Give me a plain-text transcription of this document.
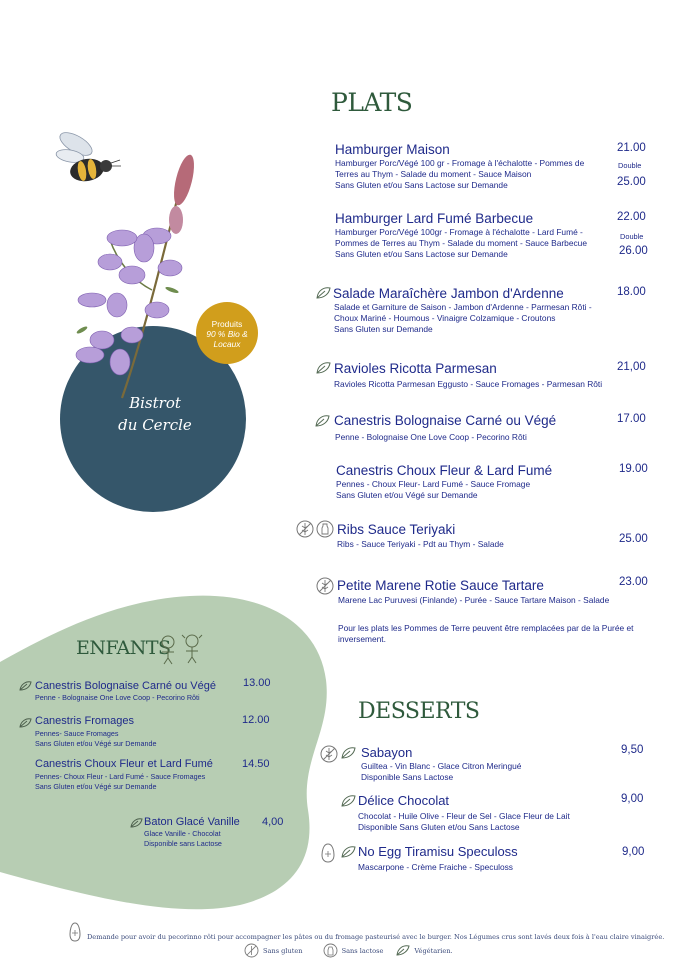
Bistrot
du Cercle
Produits
90 % Bio &
Locaux
PLATS
Hamburger Maison
Hamburger Porc/Végé 100 gr - Fromage à l'échalotte - Pommes de
Terres au Thym - Salade du moment - Sauce Maison
Sans Gluten et/ou Sans Lactose sur Demande
21.00
Double
25.00
Hamburger Lard Fumé Barbecue
Hamburger Porc/Végé 100gr - Fromage à l'échalotte - Lard Fumé -
Pommes de Terres au Thym - Salade du moment - Sauce Barbecue
Sans Gluten et/ou Sans Lactose sur Demande
22.00
Double
26.00
Salade Maraîchère Jambon d'Ardenne
Salade et Garniture de Saison - Jambon d'Ardenne - Parmesan Rôti -
Choux Mariné - Houmous - Vinaigre Colzamique - Croutons
Sans Gluten sur Demande
18.00
Ravioles Ricotta Parmesan
Ravioles Ricotta Parmesan Eggusto - Sauce Fromages - Parmesan Rôti
21,00
Canestris Bolognaise Carné ou Végé
Penne - Bolognaise One Love Coop - Pecorino Rôti
17.00
Canestris Choux Fleur & Lard Fumé
Pennes - Choux Fleur- Lard Fumé - Sauce Fromage
Sans Gluten et/ou Végé sur Demande
19.00
Ribs Sauce Teriyaki
Ribs - Sauce Teriyaki - Pdt au Thym - Salade	25.00
Petite Marene Rotie Sauce Tartare
Marene Lac Puruvesi (Finlande) - Purée - Sauce Tartare Maison - Salade
23.00
Pour les plats les Pommes de Terre peuvent être remplacées par de la Purée et
inversement.
ENFANTS
Canestris Bolognaise Carné ou Végé
Penne - Bolognaise One Love Coop - Pecorino Rôti
13.00
Canestris Fromages
Pennes- Sauce Fromages
Sans Gluten et/ou Végé sur Demande
12.00
Canestris Choux Fleur et Lard Fumé
Pennes- Choux Fleur - Lard Fumé - Sauce Fromages
Sans Gluten et/ou Végé sur Demande
14.50
Baton Glacé Vanille
Glace Vanille - Chocolat
Disponible sans Lactose
4,00
DESSERTS
Sabayon
Guiltea - Vin Blanc - Glace Citron Meringué
Disponible Sans Lactose
9,50
Délice Chocolat
Chocolat - Huile Olive - Fleur de Sel - Glace Fleur de Lait
Disponible Sans Gluten et/ou Sans Lactose
9,00
No Egg Tiramisu Speculoss
Mascarpone - Crème Fraiche - Speculoss
9,00
Demande pour avoir du pecorinno rôti pour accompagner les pâtes ou du fromage pasteurisé avec le burger. Nos Légumes crus sont lavés deux fois à l'eau claire vinaigrée.
Sans gluten	Sans lactose	Végétarien.
